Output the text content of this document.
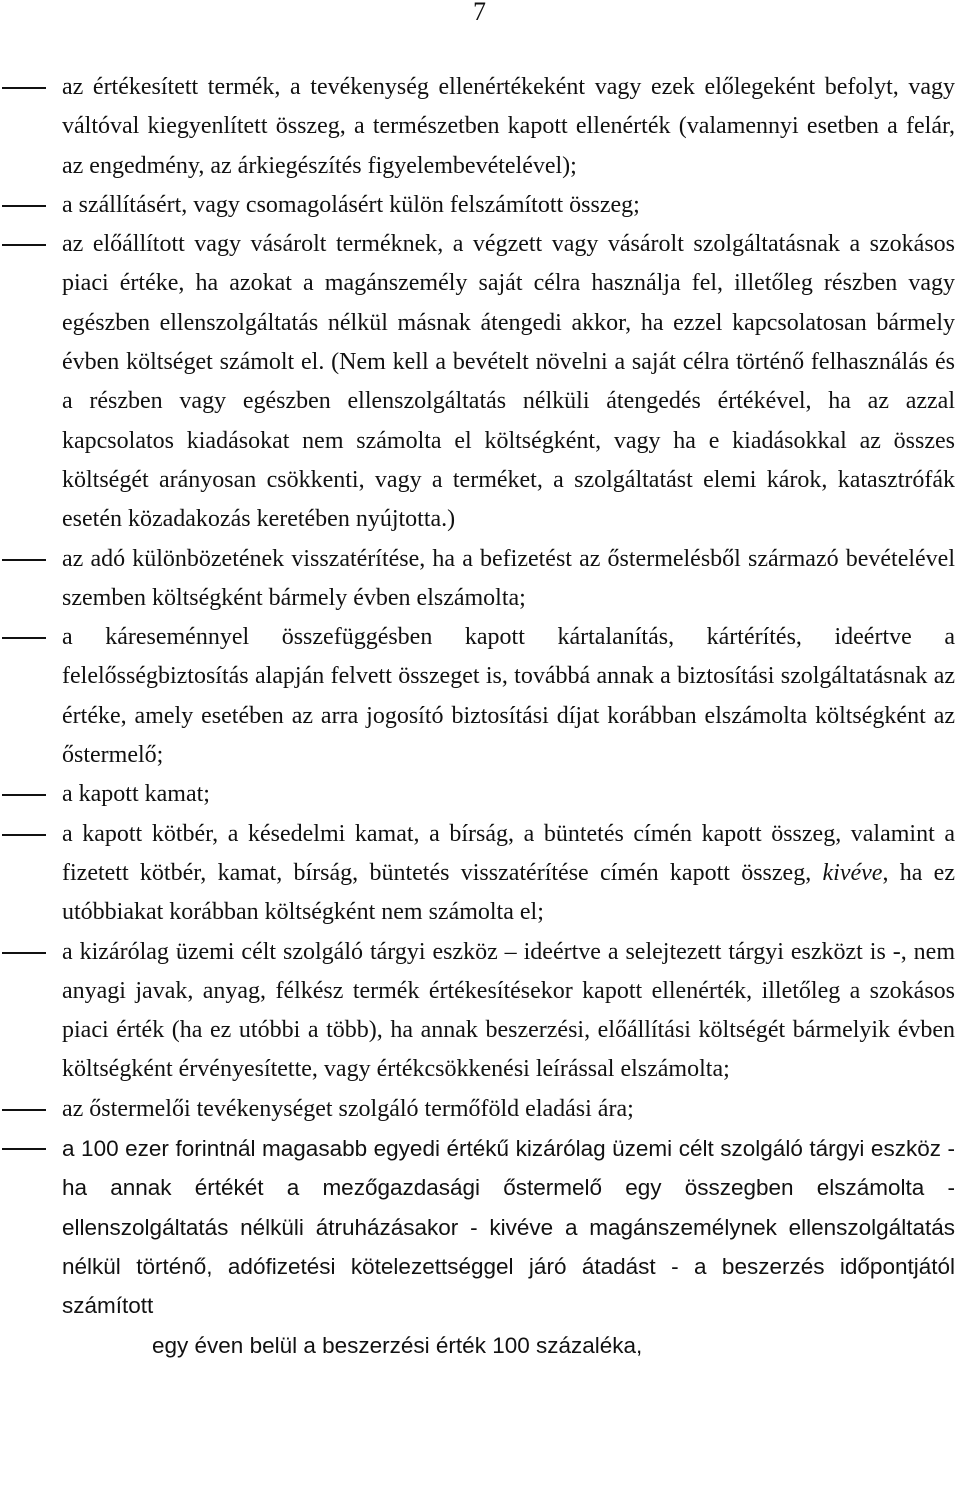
7
az értékesített termék, a tevékenység ellenértékeként vagy ezek előlegeként befolyt, vagy váltóval kiegyenlített összeg, a természetben kapott ellenérték (valamennyi esetben a felár, az engedmény, az árkiegészítés figyelembevételével);
a szállításért, vagy csomagolásért külön felszámított összeg;
az előállított vagy vásárolt terméknek, a végzett vagy vásárolt szolgáltatásnak a szokásos piaci értéke, ha azokat a magánszemély saját célra használja fel, illetőleg részben vagy egészben ellenszolgáltatás nélkül másnak átengedi akkor, ha ezzel kapcsolatosan bármely évben költséget számolt el. (Nem kell a bevételt növelni a saját célra történő felhasználás és a részben vagy egészben ellenszolgáltatás nélküli átengedés értékével, ha az azzal kapcsolatos kiadásokat nem számolta el költségként, vagy ha e kiadásokkal az összes költségét arányosan csökkenti, vagy a terméket, a szolgáltatást elemi károk, katasztrófák esetén közadakozás keretében nyújtotta.)
az adó különbözetének visszatérítése, ha a befizetést az őstermelésből származó bevételével szemben költségként bármely évben elszámolta;
a káreseménnyel összefüggésben kapott kártalanítás, kártérítés, ideértve a felelősségbiztosítás alapján felvett összeget is, továbbá annak a biztosítási szolgáltatásnak az értéke, amely esetében az arra jogosító biztosítási díjat korábban elszámolta költségként az őstermelő;
a kapott kamat;
a kapott kötbér, a késedelmi kamat, a bírság, a büntetés címén kapott összeg, valamint a fizetett kötbér, kamat, bírság, büntetés visszatérítése címén kapott összeg, kivéve, ha ez utóbbiakat korábban költségként nem számolta el;
a kizárólag üzemi célt szolgáló tárgyi eszköz – ideértve a selejtezett tárgyi eszközt is -, nem anyagi javak, anyag, félkész termék értékesítésekor kapott ellenérték, illetőleg a szokásos piaci érték (ha ez utóbbi a több), ha annak beszerzési, előállítási költségét bármelyik évben költségként érvényesítette, vagy értékcsökkenési leírással elszámolta;
az őstermelői tevékenységet szolgáló termőföld eladási ára;
a 100 ezer forintnál magasabb egyedi értékű kizárólag üzemi célt szolgáló tárgyi eszköz - ha annak értékét a mezőgazdasági őstermelő egy összegben elszámolta - ellenszolgáltatás nélküli átruházásakor - kivéve a magánszemélynek ellenszolgáltatás nélkül történő, adófizetési kötelezettséggel járó átadást - a beszerzés időpontjától számított
egy éven belül a beszerzési érték 100 százaléka,
